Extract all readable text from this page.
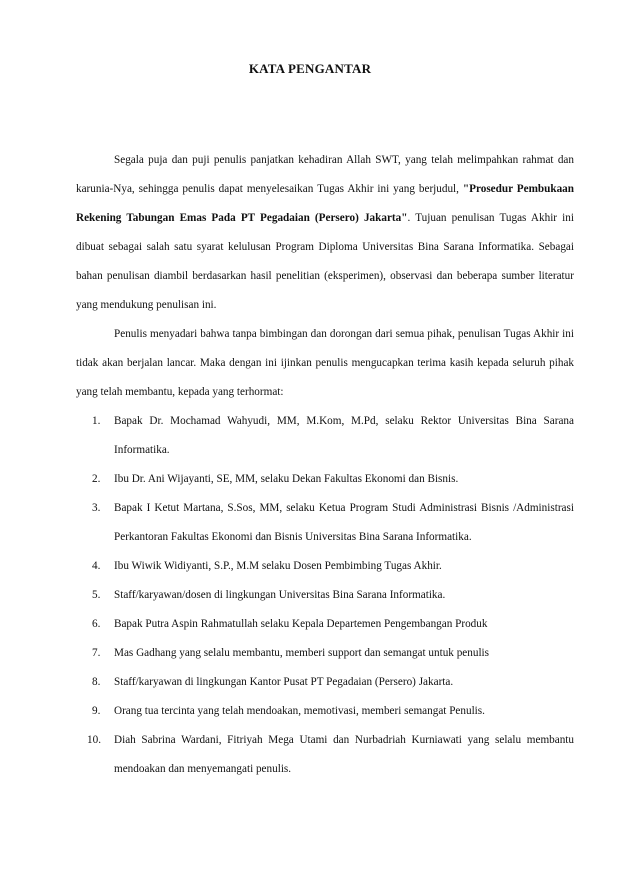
KATA PENGANTAR

Segala puja dan puji penulis panjatkan kehadiran Allah SWT, yang telah melimpahkan rahmat dan karunia-Nya, sehingga penulis dapat menyelesaikan Tugas Akhir ini yang berjudul, "Prosedur Pembukaan Rekening Tabungan Emas Pada PT Pegadaian (Persero) Jakarta". Tujuan penulisan Tugas Akhir ini dibuat sebagai salah satu syarat kelulusan Program Diploma Universitas Bina Sarana Informatika. Sebagai bahan penulisan diambil berdasarkan hasil penelitian (eksperimen), observasi dan beberapa sumber literatur yang mendukung penulisan ini.

Penulis menyadari bahwa tanpa bimbingan dan dorongan dari semua pihak, penulisan Tugas Akhir ini tidak akan berjalan lancar. Maka dengan ini ijinkan penulis mengucapkan terima kasih kepada seluruh pihak yang telah membantu, kepada yang terhormat:

1. Bapak Dr. Mochamad Wahyudi, MM, M.Kom, M.Pd, selaku Rektor Universitas Bina Sarana Informatika.
2. Ibu Dr. Ani Wijayanti, SE, MM, selaku Dekan Fakultas Ekonomi dan Bisnis.
3. Bapak I Ketut Martana, S.Sos, MM, selaku Ketua Program Studi Administrasi Bisnis /Administrasi Perkantoran Fakultas Ekonomi dan Bisnis Universitas Bina Sarana Informatika.
4. Ibu Wiwik Widiyanti, S.P., M.M selaku Dosen Pembimbing Tugas Akhir.
5. Staff/karyawan/dosen di lingkungan Universitas Bina Sarana Informatika.
6. Bapak Putra Aspin Rahmatullah selaku Kepala Departemen Pengembangan Produk
7. Mas Gadhang yang selalu membantu, memberi support dan semangat untuk penulis
8. Staff/karyawan di lingkungan Kantor Pusat PT Pegadaian (Persero) Jakarta.
9. Orang tua tercinta yang telah mendoakan, memotivasi, memberi semangat Penulis.
10. Diah Sabrina Wardani, Fitriyah Mega Utami dan Nurbadriah Kurniawati yang selalu membantu mendoakan dan menyemangati penulis.
